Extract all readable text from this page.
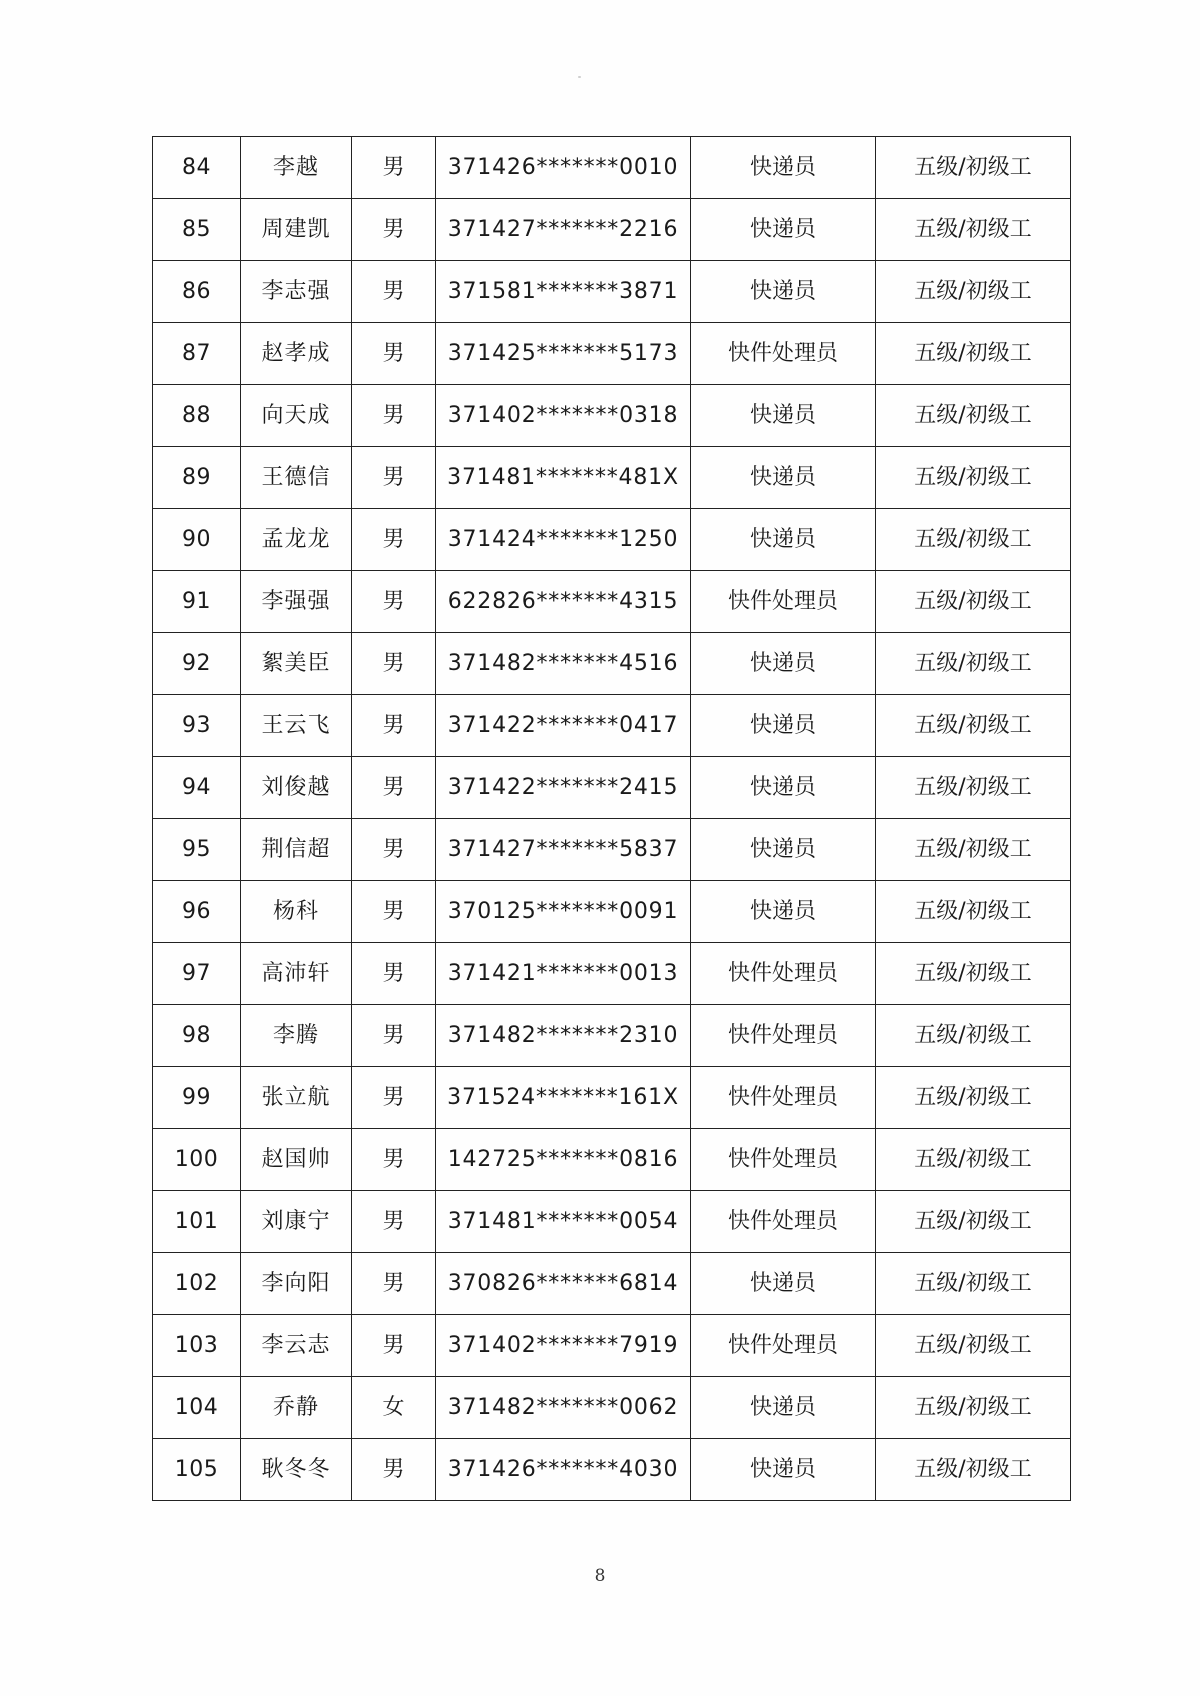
84	李越	男	371426*******0010	快递员	五级/初级工
85	周建凯	男	371427*******2216	快递员	五级/初级工
86	李志强	男	371581*******3871	快递员	五级/初级工
87	赵孝成	男	371425*******5173	快件处理员	五级/初级工
88	向天成	男	371402*******0318	快递员	五级/初级工
89	王德信	男	371481*******481X	快递员	五级/初级工
90	孟龙龙	男	371424*******1250	快递员	五级/初级工
91	李强强	男	622826*******4315	快件处理员	五级/初级工
92	絮美臣	男	371482*******4516	快递员	五级/初级工
93	王云飞	男	371422*******0417	快递员	五级/初级工
94	刘俊越	男	371422*******2415	快递员	五级/初级工
95	荆信超	男	371427*******5837	快递员	五级/初级工
96	杨科	男	370125*******0091	快递员	五级/初级工
97	高沛轩	男	371421*******0013	快件处理员	五级/初级工
98	李腾	男	371482*******2310	快件处理员	五级/初级工
99	张立航	男	371524*******161X	快件处理员	五级/初级工
100	赵国帅	男	142725*******0816	快件处理员	五级/初级工
101	刘康宁	男	371481*******0054	快件处理员	五级/初级工
102	李向阳	男	370826*******6814	快递员	五级/初级工
103	李云志	男	371402*******7919	快件处理员	五级/初级工
104	乔静	女	371482*******0062	快递员	五级/初级工
105	耿冬冬	男	371426*******4030	快递员	五级/初级工
8
